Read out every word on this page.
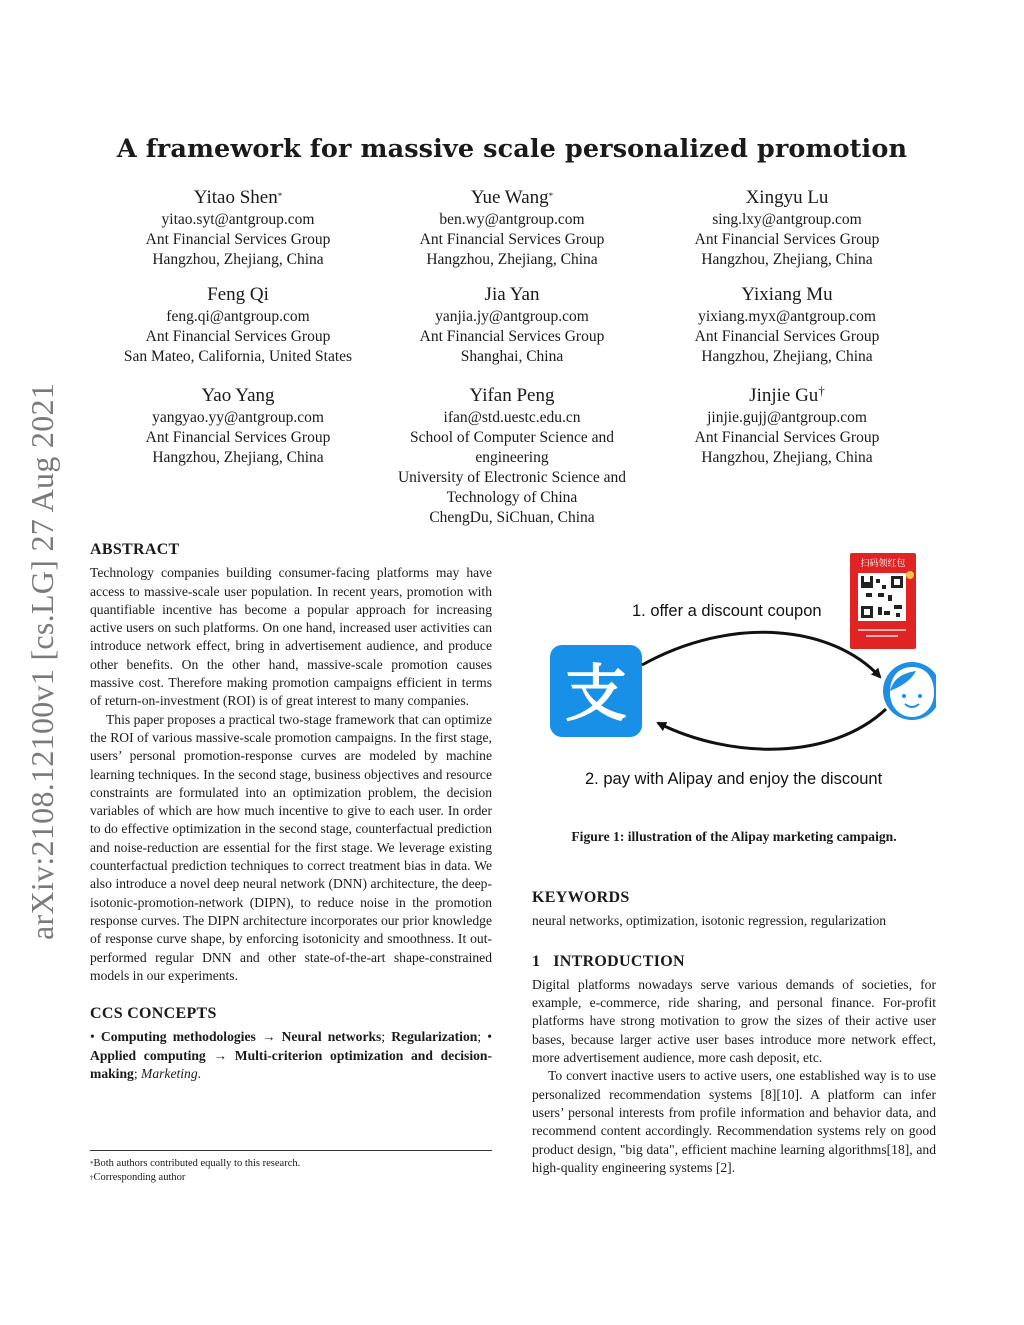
arXiv:2108.12100v1 [cs.LG] 27 Aug 2021
A framework for massive scale personalized promotion
Yitao Shen*
yitao.syt@antgroup.com
Ant Financial Services Group
Hangzhou, Zhejiang, China
Yue Wang*
ben.wy@antgroup.com
Ant Financial Services Group
Hangzhou, Zhejiang, China
Xingyu Lu
sing.lxy@antgroup.com
Ant Financial Services Group
Hangzhou, Zhejiang, China
Feng Qi
feng.qi@antgroup.com
Ant Financial Services Group
San Mateo, California, United States
Jia Yan
yanjia.jy@antgroup.com
Ant Financial Services Group
Shanghai, China
Yixiang Mu
yixiang.myx@antgroup.com
Ant Financial Services Group
Hangzhou, Zhejiang, China
Yao Yang
yangyao.yy@antgroup.com
Ant Financial Services Group
Hangzhou, Zhejiang, China
Yifan Peng
ifan@std.uestc.edu.cn
School of Computer Science and
engineering
University of Electronic Science and
Technology of China
ChengDu, SiChuan, China
Jinjie Gu†
jinjie.gujj@antgroup.com
Ant Financial Services Group
Hangzhou, Zhejiang, China
ABSTRACT

Technology companies building consumer-facing platforms may have access to massive-scale user population. In recent years, promotion with quantifiable incentive has become a popular approach for increasing active users on such platforms. On one hand, increased user activities can introduce network effect, bring in advertisement audience, and produce other benefits. On the other hand, massive-scale promotion causes massive cost. Therefore making promotion campaigns efficient in terms of return-on-investment (ROI) is of great interest to many companies.

This paper proposes a practical two-stage framework that can optimize the ROI of various massive-scale promotion campaigns. In the first stage, users’ personal promotion-response curves are modeled by machine learning techniques. In the second stage, business objectives and resource constraints are formulated into an optimization problem, the decision variables of which are how much incentive to give to each user. In order to do effective optimization in the second stage, counterfactual prediction and noise-reduction are essential for the first stage. We leverage existing counterfactual prediction techniques to correct treatment bias in data. We also introduce a novel deep neural network (DNN) architecture, the deep-isotonic-promotion-network (DIPN), to reduce noise in the promotion response curves. The DIPN architecture incorporates our prior knowledge of response curve shape, by enforcing isotonicity and smoothness. It out-performed regular DNN and other state-of-the-art shape-constrained models in our experiments.

CCS CONCEPTS

• Computing methodologies → Neural networks; Regularization; • Applied computing → Multi-criterion optimization and decision-making; Marketing.

*Both authors contributed equally to this research.
†Corresponding author
扫码领红包
支
1. offer a discount coupon
2. pay with Alipay and enjoy the discount
Figure 1: illustration of the Alipay marketing campaign.
KEYWORDS

neural networks, optimization, isotonic regression, regularization

1 INTRODUCTION

Digital platforms nowadays serve various demands of societies, for example, e-commerce, ride sharing, and personal finance. For-profit platforms have strong motivation to grow the sizes of their active user bases, because larger active user bases introduce more network effect, more advertisement audience, more cash deposit, etc.

To convert inactive users to active users, one established way is to use personalized recommendation systems [8][10]. A platform can infer users’ personal interests from profile information and behavior data, and recommend content accordingly. Recommendation systems rely on good product design, "big data", efficient machine learning algorithms[18], and high-quality engineering systems [2].
